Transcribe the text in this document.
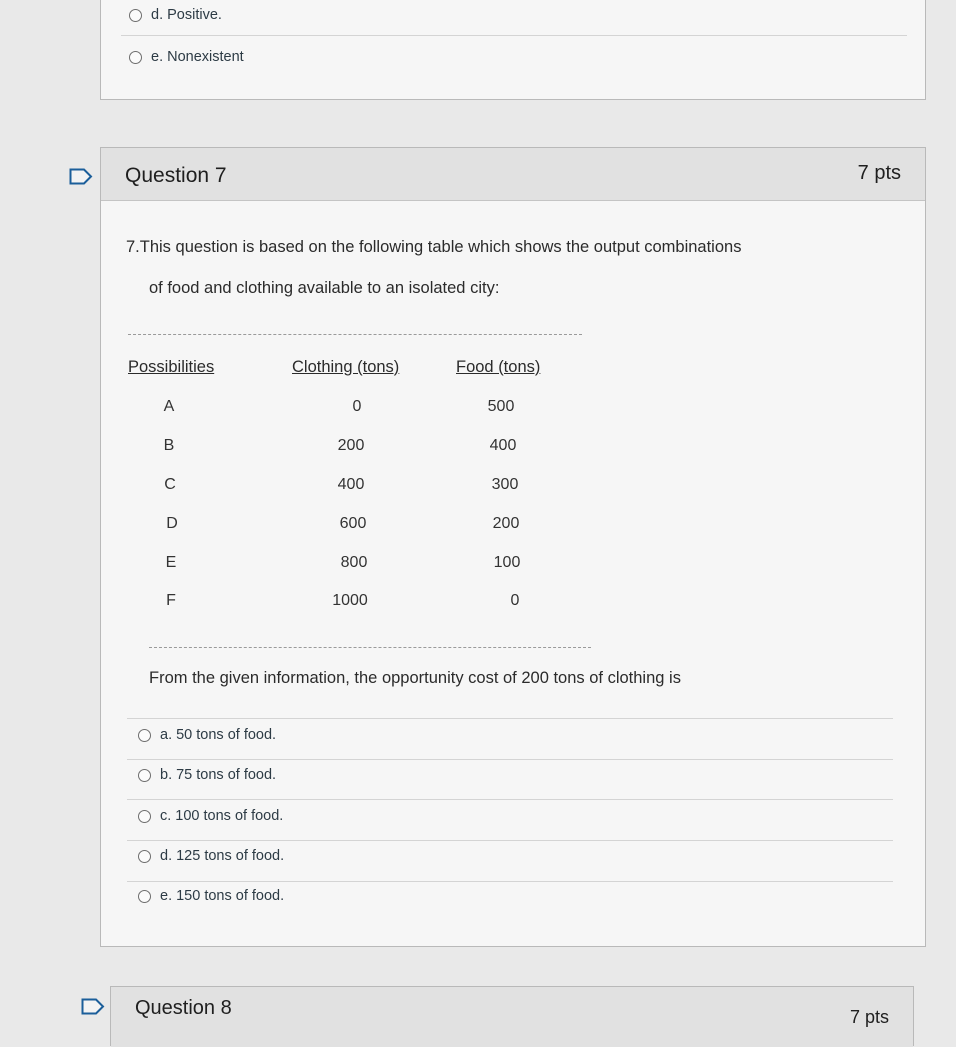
d. Positive.
e. Nonexistent
Question 7	7 pts
7.This question is based on the following table which shows the output combinations
of food and clothing available to an isolated city:
Possibilities	Clothing (tons)	Food (tons)
A	0	500
B	200	400
C	400	300
D	600	200
E	800	100
F	1000	0
From the given information, the opportunity cost of 200 tons of clothing is
a. 50 tons of food.
b. 75 tons of food.
c. 100 tons of food.
d. 125 tons of food.
e. 150 tons of food.
Question 8	7 pts
